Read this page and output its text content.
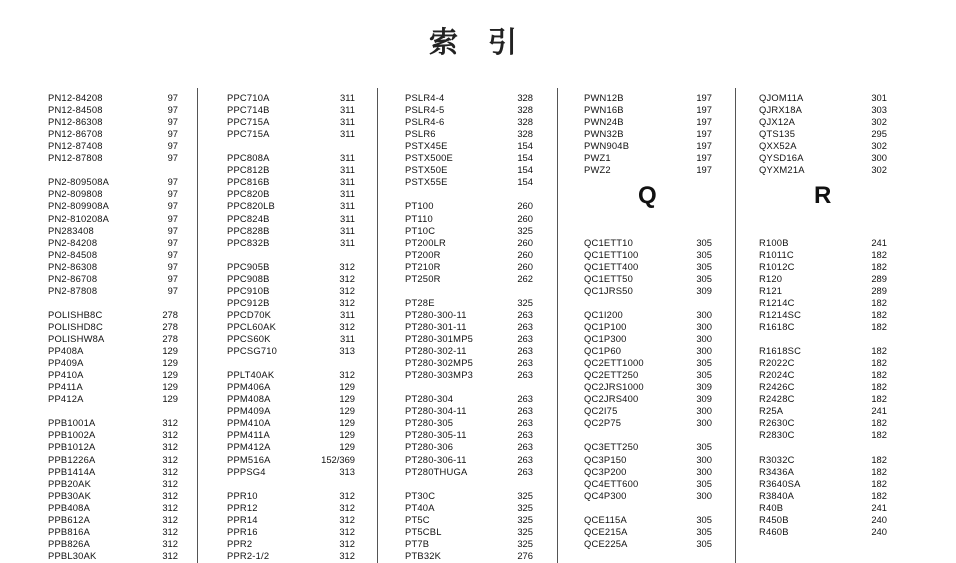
索 引
PN12-84208	97
PN12-84508	97
PN12-86308	97
PN12-86708	97
PN12-87408	97
PN12-87808	97
PN2-809508A	97
PN2-809808	97
PN2-809908A	97
PN2-810208A	97
PN283408	97
PN2-84208	97
PN2-84508	97
PN2-86308	97
PN2-86708	97
PN2-87808	97
POLISHB8C	278
POLISHD8C	278
POLISHW8A	278
PP408A	129
PP409A	129
PP410A	129
PP411A	129
PP412A	129
PPB1001A	312
PPB1002A	312
PPB1012A	312
PPB1226A	312
PPB1414A	312
PPB20AK	312
PPB30AK	312
PPB408A	312
PPB612A	312
PPB816A	312
PPB826A	312
PPBL30AK	312
PPC710A	311
PPC714B	311
PPC715A	311
PPC715A	311
PPC808A	311
PPC812B	311
PPC816B	311
PPC820B	311
PPC820LB	311
PPC824B	311
PPC828B	311
PPC832B	311
PPC905B	312
PPC908B	312
PPC910B	312
PPC912B	312
PPCD70K	311
PPCL60AK	312
PPCS60K	311
PPCSG710	313
PPLT40AK	312
PPM406A	129
PPM408A	129
PPM409A	129
PPM410A	129
PPM411A	129
PPM412A	129
PPM516A	152/369
PPPSG4	313
PPR10	312
PPR12	312
PPR14	312
PPR16	312
PPR2	312
PPR2-1/2	312
PSLR4-4	328
PSLR4-5	328
PSLR4-6	328
PSLR6	328
PSTX45E	154
PSTX500E	154
PSTX50E	154
PSTX55E	154
PT100	260
PT110	260
PT10C	325
PT200LR	260
PT200R	260
PT210R	260
PT250R	262
PT28E	325
PT280-300-11	263
PT280-301-11	263
PT280-301MP5	263
PT280-302-11	263
PT280-302MP5	263
PT280-303MP3	263
PT280-304	263
PT280-304-11	263
PT280-305	263
PT280-305-11	263
PT280-306	263
PT280-306-11	263
PT280THUGA	263
PT30C	325
PT40A	325
PT5C	325
PT5CBL	325
PT7B	325
PTB32K	276
PWN12B	197
PWN16B	197
PWN24B	197
PWN32B	197
PWN904B	197
PWZ1	197
PWZ2	197
Q
QC1ETT10	305
QC1ETT100	305
QC1ETT400	305
QC1ETT50	305
QC1JRS50	309
QC1I200	300
QC1P100	300
QC1P300	300
QC1P60	300
QC2ETT1000	305
QC2ETT250	305
QC2JRS1000	309
QC2JRS400	309
QC2I75	300
QC2P75	300
QC3ETT250	305
QC3P150	300
QC3P200	300
QC4ETT600	305
QC4P300	300
QCE115A	305
QCE215A	305
QCE225A	305
QJOM11A	301
QJRX18A	303
QJX12A	302
QTS135	295
QXX52A	302
QYSD16A	300
QYXM21A	302
R
R100B	241
R1011C	182
R1012C	182
R120	289
R121	289
R1214C	182
R1214SC	182
R1618C	182
R1618SC	182
R2022C	182
R2024C	182
R2426C	182
R2428C	182
R25A	241
R2630C	182
R2830C	182
R3032C	182
R3436A	182
R3640SA	182
R3840A	182
R40B	241
R450B	240
R460B	240
